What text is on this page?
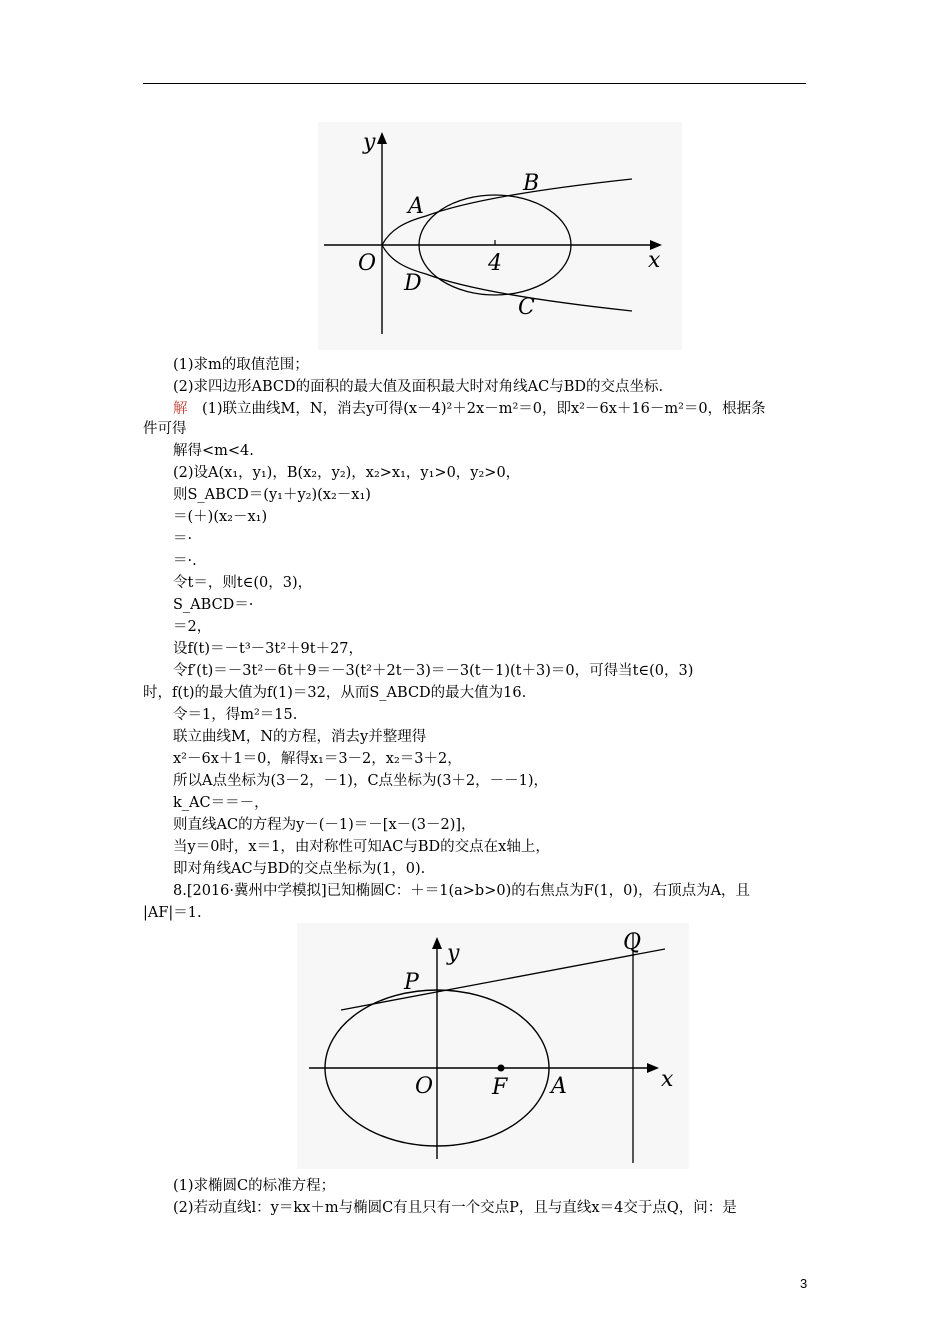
y
x
O	4
A
B
C
D
(1)求m的取值范围；
(2)求四边形ABCD的面积的最大值及面积最大时对角线AC与BD的交点坐标.
解  (1)联立曲线M，N，消去y可得(x－4)²＋2x－m²＝0，即x²－6x＋16－m²＝0，根据条
件可得
解得<m<4.
(2)设A(x₁，y₁)，B(x₂，y₂)，x₂>x₁，y₁>0，y₂>0，
则S_ABCD＝(y₁＋y₂)(x₂－x₁)
＝(＋)(x₂－x₁)
＝·
＝·.
令t＝，则t∈(0，3)，
S_ABCD＝·
＝2，
设f(t)＝－t³－3t²＋9t＋27，
令f′(t)＝－3t²－6t＋9＝－3(t²＋2t－3)＝－3(t－1)(t＋3)＝0，可得当t∈(0，3)
时，f(t)的最大值为f(1)＝32，从而S_ABCD的最大值为16.
令＝1，得m²＝15.
联立曲线M，N的方程，消去y并整理得
x²－6x＋1＝0，解得x₁＝3－2，x₂＝3＋2，
所以A点坐标为(3－2，－1)，C点坐标为(3＋2，－－1)，
k_AC＝＝－，
则直线AC的方程为y－(－1)＝－[x－(3－2)]，
当y＝0时，x＝1，由对称性可知AC与BD的交点在x轴上，
即对角线AC与BD的交点坐标为(1，0).
8.[2016·冀州中学模拟]已知椭圆C：＋＝1(a>b>0)的右焦点为F(1，0)，右顶点为A，且
|AF|＝1.
y
x
O
P
Q
F A
(1)求椭圆C的标准方程；
(2)若动直线l：y＝kx＋m与椭圆C有且只有一个交点P，且与直线x＝4交于点Q，问：是
3
